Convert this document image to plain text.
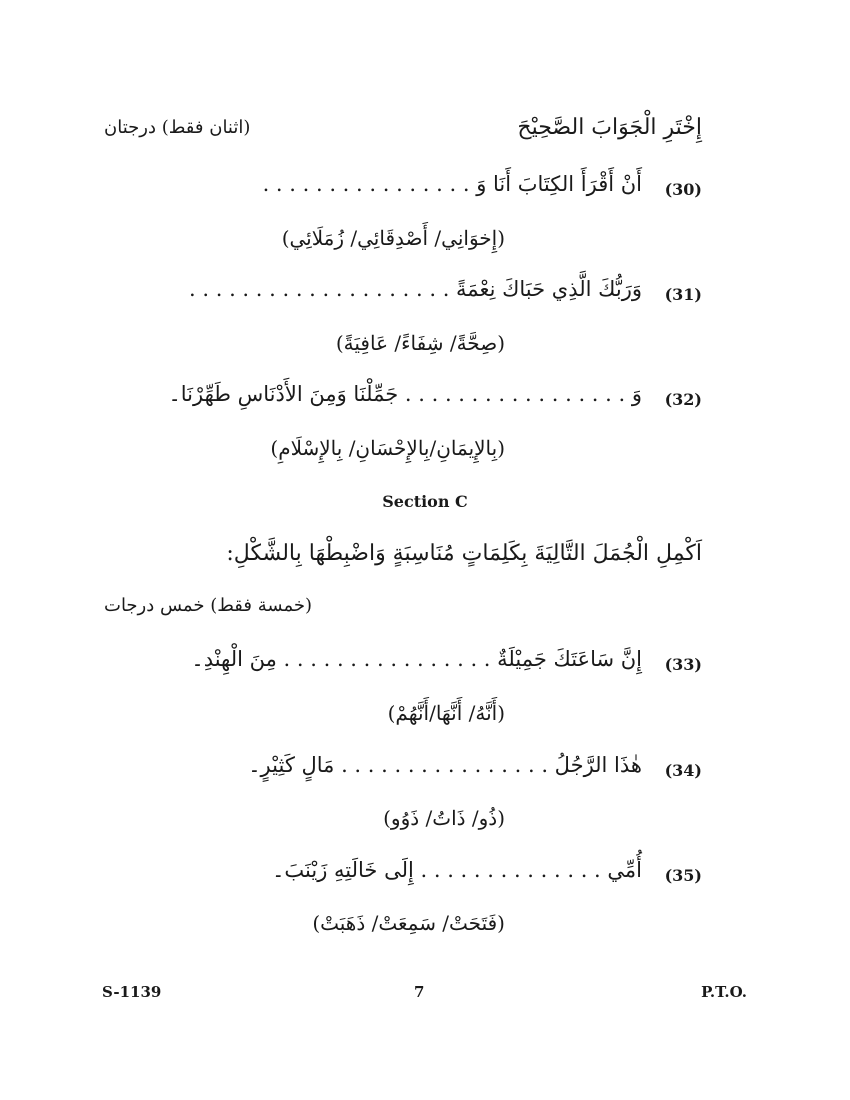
إِخْتَرِ الْجَوَابَ الصَّحِيْحَ
(اثنان فقط) درجتان
(30)
أَنْ أَقْرَأَ الكِتَابَ أَنَا وَ . . . . . . . . . . . . . . . .
(إِخوَانِي/ أَصْدِقَائِي/ زُمَلَائِي)
(31)
وَرَبُّكَ الَّذِي حَبَاكَ نِعْمَةً . . . . . . . . . . . . . . . . . . . .
(صِحَّةً/ شِفَاءً/ عَافِيَةً)
(32)
وَ . . . . . . . . . . . . . . . . . جَمِّلْنَا وَمِنَ الأَدْنَاسِ طَهِّرْنَا۔
(بِالإِيمَانِ/بِالإِحْسَانِ/ بِالإِسْلَامِ)
Section C
اَكْمِلِ الْجُمَلَ التَّالِيَةَ بِكَلِمَاتٍ مُنَاسِبَةٍ وَاضْبِطْهَا بِالشَّكْلِ:
(خمسة فقط) خمس درجات
(33)
إِنَّ سَاعَتَكَ جَمِيْلَةٌ . . . . . . . . . . . . . . . . مِنَ الْهِنْدِ۔
(أَنَّهُ/ أَنَّهَا/أَنَّهُمْ)
(34)
هٰذَا الرَّجُلُ . . . . . . . . . . . . . . . . مَالٍ كَثِيْرٍ۔
(ذُو/ ذَاتُ/ ذَوُو)
(35)
أُمِّي . . . . . . . . . . . . . . إِلَى خَالَتِهِ زَيْنَبَ۔
(فَتَحَتْ/ سَمِعَتْ/ ذَهَبَتْ)
S-1139	7	P.T.O.
